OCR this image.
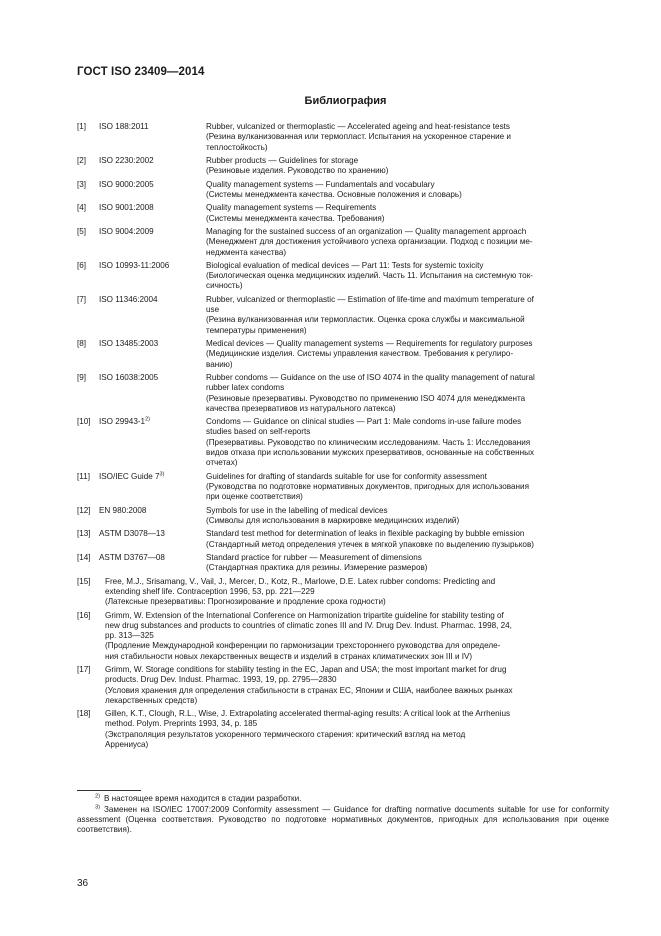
ГОСТ ISO 23409—2014
Библиография
[1]	ISO 188:2011	Rubber, vulcanized or thermoplastic — Accelerated ageing and heat-resistance tests
(Резина вулканизованная или термопласт. Испытания на ускоренное старение и
теплостойкость)
[2]	ISO 2230:2002	Rubber products — Guidelines for storage
(Резиновые изделия. Руководство по хранению)
[3]	ISO 9000:2005	Quality management systems — Fundamentals and vocabulary
(Системы менеджмента качества. Основные положения и словарь)
[4]	ISO 9001:2008	Quality management systems — Requirements
(Системы менеджмента качества. Требования)
[5]	ISO 9004:2009	Managing for the sustained success of an organization — Quality management approach
(Менеджмент для достижения устойчивого успеха организации. Подход с позиции ме-
неджмента качества)
[6]	ISO 10993-11:2006	Biological evaluation of medical devices — Part 11: Tests for systemic toxicity
(Биологическая оценка медицинских изделий. Часть 11. Испытания на системную ток-
сичность)
[7]	ISO 11346:2004	Rubber, vulcanized or thermoplastic — Estimation of life-time and maximum temperature of
use
(Резина вулканизованная или термопластик. Оценка срока службы и максимальной
температуры применения)
[8]	ISO 13485:2003	Medical devices — Quality management systems — Requirements for regulatory purposes
(Медицинские изделия. Системы управления качеством. Требования к регулиро-
ванию)
[9]	ISO 16038:2005	Rubber condoms — Guidance on the use of ISO 4074 in the quality management of natural
rubber latex condoms
(Резиновые презервативы. Руководство по применению ISO 4074 для менеджмента
качества презервативов из натурального латекса)
[10]	ISO 29943-1$^{2)}$	Condoms — Guidance on clinical studies — Part 1: Male condoms in-use failure modes
studies based on self-reports
(Презервативы. Руководство по клиническим исследованиям. Часть 1: Исследования
видов отказа при использовании мужских презервативов, основанные на собственных
отчетах)
[11]	ISO/IEC Guide 7$^{3)}$	Guidelines for drafting of standards suitable for use for conformity assessment
(Руководства по подготовке нормативных документов, пригодных для использования
при оценке соответствия)
[12]	EN 980:2008	Symbols for use in the labelling of medical devices
(Символы для использования в маркировке медицинских изделий)
[13]	ASTM D3078—13	Standard test method for determination of leaks in flexible packaging by bubble emission
(Стандартный метод определения утечек в мягкой упаковке по выделению пузырьков)
[14]	ASTM D3767—08	Standard practice for rubber — Measurement of dimensions
(Стандартная практика для резины. Измерение размеров)
[15]	Free, M.J., Srisamang, V., Vail, J., Mercer, D., Kotz, R., Marlowe, D.E. Latex rubber condoms: Predicting and
extending shelf life. Contraception 1996, 53, pp. 221—229
(Латексные презервативы: Прогнозирование и продление срока годности)
[16]	Grimm, W. Extension of the International Conference on Harmonization tripartite guideline for stability testing of
new drug substances and products to countries of climatic zones III and IV. Drug Dev. Indust. Pharmac. 1998, 24,
pp. 313—325
(Продление Международной конференции по гармонизации трехстороннего руководства для определе-
ния стабильности новых лекарственных веществ и изделий в странах климатических зон III и IV)
[17]	Grimm, W. Storage conditions for stability testing in the EC, Japan and USA; the most important market for drug
products. Drug Dev. Indust. Pharmac. 1993, 19, pp. 2795—2830
(Условия хранения для определения стабильности в странах ЕС, Японии и США, наиболее важных рынках
лекарственных средств)
[18]	Gillen, K.T., Clough, R.L., Wise, J. Extrapolating accelerated thermal-aging results: A critical look at the Arrhenius
method. Polym. Preprints 1993, 34, p. 185
(Экстраполяция результатов ускоренного термического старения: критический взгляд на метод
Аррениуса)
$^{2)}$ В настоящее время находится в стадии разработки.
$^{3)}$ Заменен на ISO/IEC 17007:2009 Conformity assessment — Guidance for drafting normative documents suitable for use for conformity assessment (Оценка соответствия. Руководство по подготовке нормативных документов, пригодных для использования при оценке соответствия).
36
